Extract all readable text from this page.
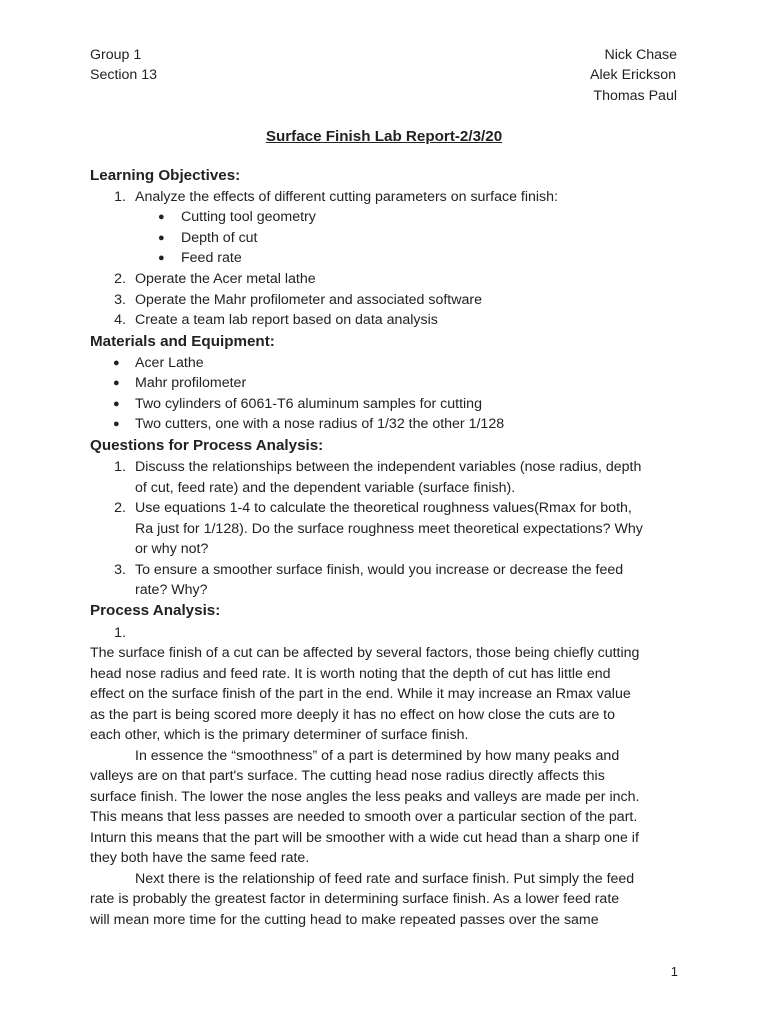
Group 1
Section 13
Nick Chase
Alek Erickson
Thomas Paul
Surface Finish Lab Report-2/3/20
Learning Objectives:
1. Analyze the effects of different cutting parameters on surface finish:
● Cutting tool geometry
● Depth of cut
● Feed rate
2. Operate the Acer metal lathe
3. Operate the Mahr profilometer and associated software
4. Create a team lab report based on data analysis
Materials and Equipment:
● Acer Lathe
● Mahr profilometer
● Two cylinders of 6061-T6 aluminum samples for cutting
● Two cutters, one with a nose radius of 1/32 the other 1/128
Questions for Process Analysis:
1. Discuss the relationships between the independent variables (nose radius, depth
of cut, feed rate) and the dependent variable (surface finish).
2. Use equations 1-4 to calculate the theoretical roughness values(Rmax for both,
Ra just for 1/128). Do the surface roughness meet theoretical expectations? Why
or why not?
3. To ensure a smoother surface finish, would you increase or decrease the feed
rate? Why?
Process Analysis:
1.
The surface finish of a cut can be affected by several factors, those being chiefly cutting
head nose radius and feed rate. It is worth noting that the depth of cut has little end
effect on the surface finish of the part in the end. While it may increase an Rmax value
as the part is being scored more deeply it has no effect on how close the cuts are to
each other, which is the primary determiner of surface finish.
In essence the “smoothness” of a part is determined by how many peaks and
valleys are on that part's surface. The cutting head nose radius directly affects this
surface finish. The lower the nose angles the less peaks and valleys are made per inch.
This means that less passes are needed to smooth over a particular section of the part.
Inturn this means that the part will be smoother with a wide cut head than a sharp one if
they both have the same feed rate.
Next there is the relationship of feed rate and surface finish. Put simply the feed
rate is probably the greatest factor in determining surface finish. As a lower feed rate
will mean more time for the cutting head to make repeated passes over the same
1
